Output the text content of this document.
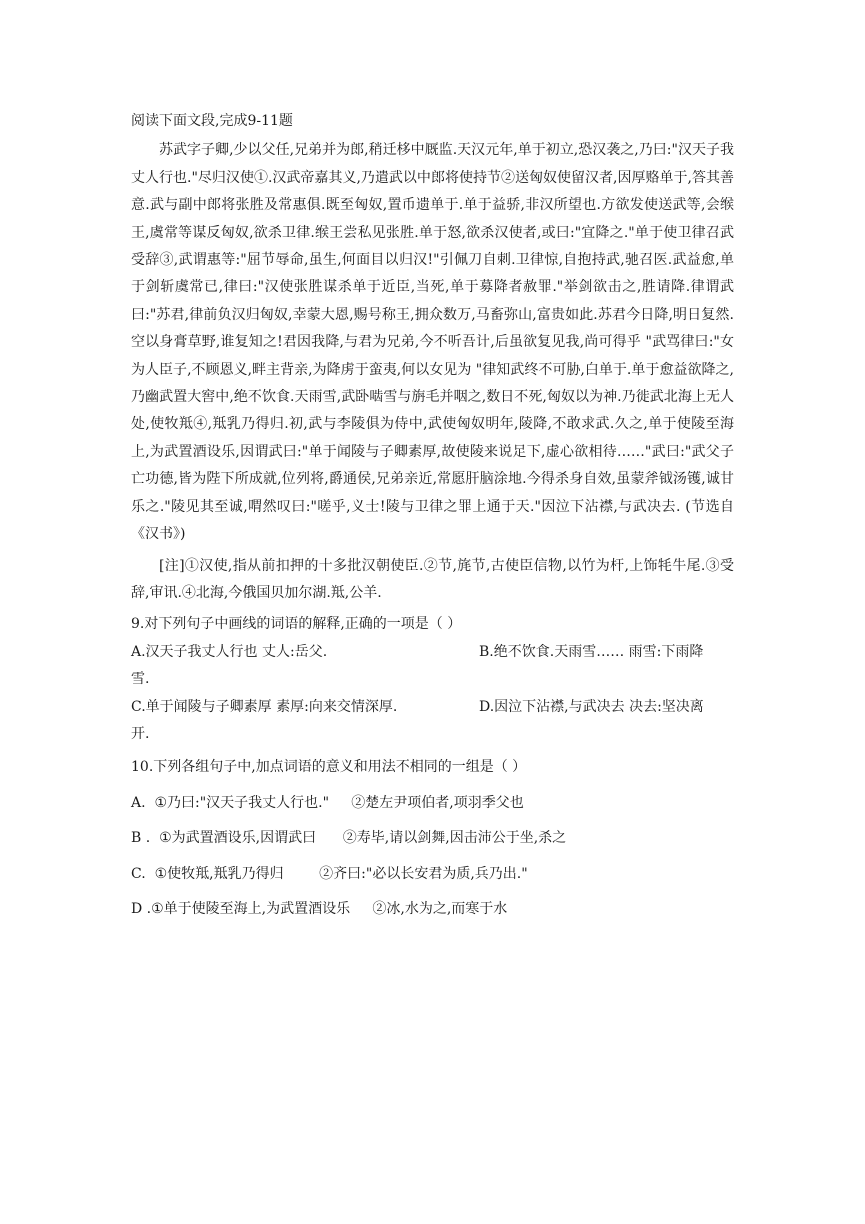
阅读下面文段,完成9-11题

苏武字子卿,少以父任,兄弟并为郎,稍迁栘中厩监.天汉元年,单于初立,恐汉袭之,乃曰:"汉天子我丈人行也."尽归汉使①.汉武帝嘉其义,乃遣武以中郎将使持节②送匈奴使留汉者,因厚赂单于,答其善意.武与副中郎将张胜及常惠俱.既至匈奴,置币遗单于.单于益骄,非汉所望也.方欲发使送武等,会缑王,虞常等谋反匈奴,欲杀卫律.缑王尝私见张胜.单于怒,欲杀汉使者,或曰:"宜降之."单于使卫律召武受辞③,武谓惠等:"屈节辱命,虽生,何面目以归汉!"引佩刀自刺.卫律惊,自抱持武,驰召医.武益愈,单于剑斩虞常已,律曰:"汉使张胜谋杀单于近臣,当死,单于募降者赦罪."举剑欲击之,胜请降.律谓武曰:"苏君,律前负汉归匈奴,幸蒙大恩,赐号称王,拥众数万,马畜弥山,富贵如此.苏君今日降,明日复然.空以身膏草野,谁复知之!君因我降,与君为兄弟,今不听吾计,后虽欲复见我,尚可得乎 "武骂律曰:"女为人臣子,不顾恩义,畔主背亲,为降虏于蛮夷,何以女见为 "律知武终不可胁,白单于.单于愈益欲降之,乃幽武置大窖中,绝不饮食.天雨雪,武卧啮雪与旃毛并咽之,数日不死,匈奴以为神.乃徙武北海上无人处,使牧羝④,羝乳乃得归.初,武与李陵俱为侍中,武使匈奴明年,陵降,不敢求武.久之,单于使陵至海上,为武置酒设乐,因谓武曰:"单于闻陵与子卿素厚,故使陵来说足下,虚心欲相待……"武曰:"武父子亡功德,皆为陛下所成就,位列将,爵通侯,兄弟亲近,常愿肝脑涂地.今得杀身自效,虽蒙斧钺汤镬,诚甘乐之."陵见其至诚,喟然叹曰:"嗟乎,义士!陵与卫律之罪上通于天."因泣下沾襟,与武决去. (节选自《汉书》)

[注]①汉使,指从前扣押的十多批汉朝使臣.②节,旄节,古使臣信物,以竹为杆,上饰牦牛尾.③受辞,审讯.④北海,今俄国贝加尔湖.羝,公羊.

9.对下列句子中画线的词语的解释,正确的一项是（ ）

A.汉天子我丈人行也 丈人:岳父.	B.绝不饮食.天雨雪…… 雨雪:下雨降

雪.

C.单于闻陵与子卿素厚 素厚:向来交情深厚.	D.因泣下沾襟,与武决去 决去:坚决离

开.

10.下列各组句子中,加点词语的意义和用法不相同的一组是（ ）

A.  ①乃曰:"汉天子我丈人行也."     ②楚左尹项伯者,项羽季父也

B .  ①为武置酒设乐,因谓武曰      ②寿毕,请以剑舞,因击沛公于坐,杀之

C.  ①使牧羝,羝乳乃得归        ②齐曰:"必以长安君为质,兵乃出."

D .①单于使陵至海上,为武置酒设乐     ②冰,水为之,而寒于水
